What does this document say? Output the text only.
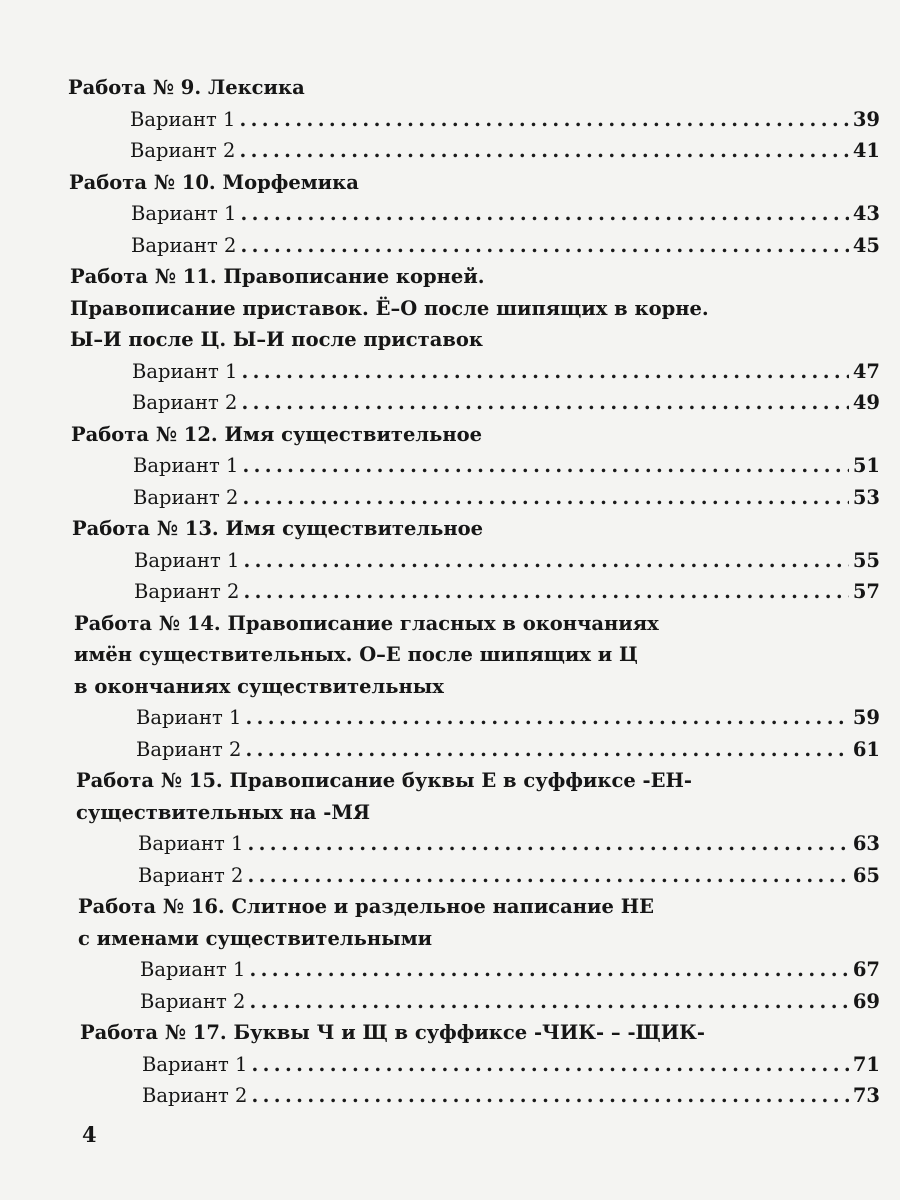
Работа № 9. Лексика
Вариант 1 . . .	39
Вариант 2 . . .	41
Работа № 10. Морфемика
Вариант 1 . . .	43
Вариант 2 . . .	45
Работа № 11. Правописание корней.
Правописание приставок. Ё–О после шипящих в корне.
Ы–И после Ц. Ы–И после приставок
Вариант 1 . . .	47
Вариант 2 . . .	49
Работа № 12. Имя существительное
Вариант 1 . . .	51
Вариант 2 . . .	53
Работа № 13. Имя существительное
Вариант 1 . . .	55
Вариант 2 . . .	57
Работа № 14. Правописание гласных в окончаниях
имён существительных. О–Е после шипящих и Ц
в окончаниях существительных
Вариант 1 . . .	59
Вариант 2 . . .	61
Работа № 15. Правописание буквы Е в суффиксе -ЕН-
существительных на -МЯ
Вариант 1 . . .	63
Вариант 2 . . .	65
Работа № 16. Слитное и раздельное написание НЕ
с именами существительными
Вариант 1 . . .	67
Вариант 2 . . .	69
Работа № 17. Буквы Ч и Щ в суффиксе -ЧИК- – -ЩИК-
Вариант 1 . . .	71
Вариант 2 . . .	73
4
